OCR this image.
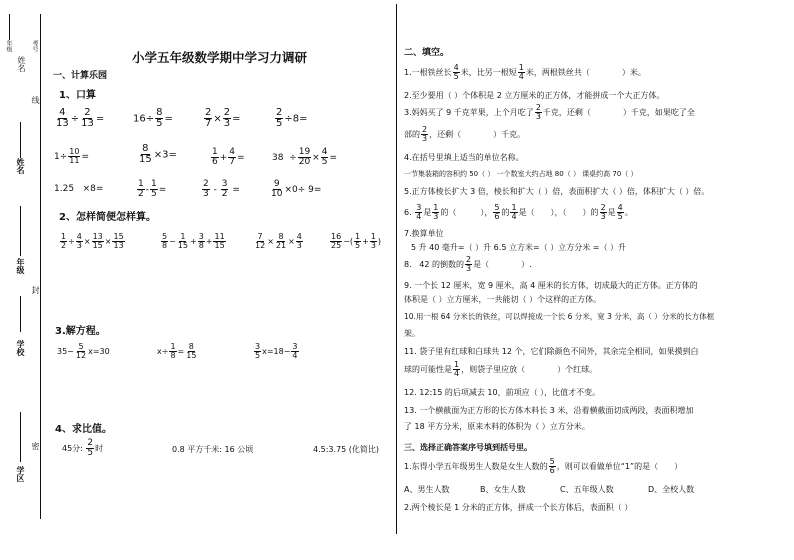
考号
年级
姓名
线
姓名
年级
封
学校
密
学区
小学五年级数学期中学习力调研
一、计算乐园
1、口算
$\frac{4}{13} \div \frac{2}{13}$ =	$16\div \frac{8}{5}$ =	$\frac{2}{7} \times \frac{2}{3}$ =	$\frac{2}{5} \div 8=$
$1\div \frac{10}{11}$ =	$\frac{8}{15} \times 3=$	$\frac{1}{6} + \frac{4}{7}$ =	$38 \div \frac{19}{20} \times \frac{4}{5}$ =
1.25   ×8=	$\frac{1}{2} - \frac{1}{5}$ =	$\frac{2}{3} - \frac{3}{2}$ =	$\frac{9}{10} \times 0\div 9=$
2、怎样简便怎样算。
$\frac{1}{2} \div \frac{4}{3} \times \frac{13}{15} \times \frac{15}{13}$	$\frac{5}{8} - \frac{1}{15} + \frac{3}{8} + \frac{11}{15}$	$\frac{7}{12} \times \frac{8}{21} \times \frac{4}{3}$	$\frac{16}{25}$ −( $\frac{1}{5} + \frac{1}{3}$ )
3.解方程。
$35- \frac{5}{12} x=30$	$x\div \frac{1}{8} = \frac{8}{15}$	$\frac{3}{5} x=18- \frac{3}{4}$
4、求比值。
45分: $\frac{2}{5}$ 时	0.8 平方千米: 16 公顷	4.5:3.75 (化简比)
二、填空。
1.一根铁丝长 $\frac{4}{5}$ 米，比另一根短 $\frac{1}{4}$ 米，两根铁丝共（　　　　）米。
2.至少要用（ ）个体积是 2 立方厘米的正方体，才能拼成一个大正方体。
3.妈妈买了 9 千克苹果，上个月吃了 $\frac{2}{3}$ 千克，还剩（　　　　）千克，如果吃了全
部的 $\frac{2}{3}$ ，还剩（　　　　）千克。
4.在括号里填上适当的单位名称。
一节集装箱的容积约 50（ ） 一个数室大约占地 80（ ） 课桌约高 70（ ）
5.正方体棱长扩大 3 倍，棱长和扩大（ ）倍，表面积扩大（ ）倍，体积扩大（ ）倍。
6. $\frac{3}{4}$ 是 $\frac{1}{3}$ 的（　　　）， $\frac{5}{6}$ 的 $\frac{1}{4}$ 是（　　），（　　）的 $\frac{2}{3}$ 是 $\frac{4}{5}$ 。
7.换算单位
5 升 40 毫升=（ ）升 6.5 立方米=（ ）立方分米 =（ ）升
8.   42 的倒数的 $\frac{2}{3}$ 是（　　　　）.
9. 一个长 12 厘米，宽 9 厘米，高 4 厘米的长方体，切成最大的正方体。正方体的
体积是（ ）立方厘米，一共能切（ ）个这样的正方体。
10.用一根 64 分米长的铁丝，可以焊接成一个长 6 分米，宽 3 分米，高（ ）分米的长方体框
架。
11. 袋子里有红球和白球共 12 个，它们除颜色不同外，其余完全相同，如果摸到白
球的可能性是 $\frac{1}{4}$ ，则袋子里应放（　　　　）个红球。
12. 12:15 的后项减去 10，前项应（ ），比值才不变。
13. 一个横截面为正方形的长方体木料长 3 米，沿着横截面切成两段，表面积增加
了 18 平方分米，原来木料的体积为（ ）立方分米。
三、选择正确答案序号填到括号里。
1.东得小学五年级男生人数是女生人数的 $\frac{5}{6}$ ，则可以看做单位“1”的是（　　）
A、男生人数	B、女生人数	C、五年级人数	D、全校人数
2.两个棱长是 1 分米的正方体，拼成一个长方体后，表面积（ ）
